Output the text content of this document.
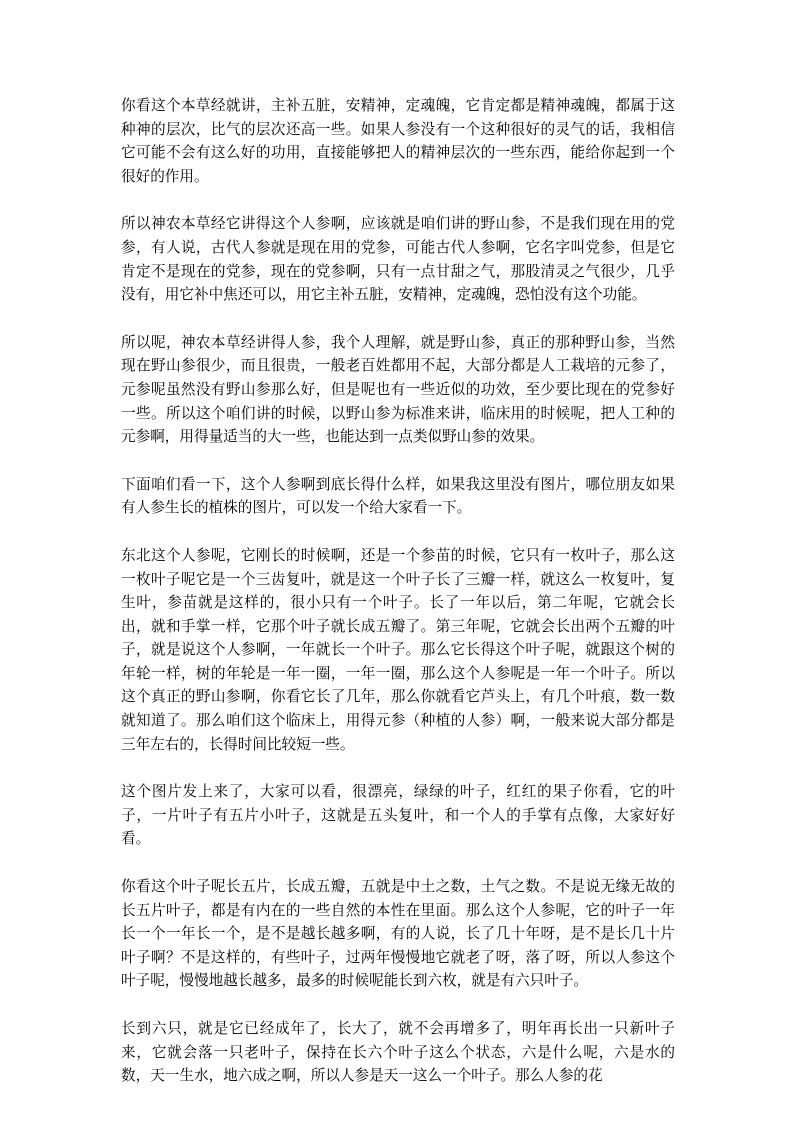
你看这个本草经就讲，主补五脏，安精神，定魂魄，它肯定都是精神魂魄，都属于这种神的层次，比气的层次还高一些。如果人参没有一个这种很好的灵气的话，我相信它可能不会有这么好的功用，直接能够把人的精神层次的一些东西，能给你起到一个很好的作用。

所以神农本草经它讲得这个人参啊，应该就是咱们讲的野山参，不是我们现在用的党参，有人说，古代人参就是现在用的党参，可能古代人参啊，它名字叫党参，但是它肯定不是现在的党参，现在的党参啊，只有一点甘甜之气，那股清灵之气很少，几乎没有，用它补中焦还可以，用它主补五脏，安精神，定魂魄，恐怕没有这个功能。

所以呢，神农本草经讲得人参，我个人理解，就是野山参，真正的那种野山参，当然现在野山参很少，而且很贵，一般老百姓都用不起，大部分都是人工栽培的元参了，元参呢虽然没有野山参那么好，但是呢也有一些近似的功效，至少要比现在的党参好一些。所以这个咱们讲的时候，以野山参为标准来讲，临床用的时候呢，把人工种的元参啊，用得量适当的大一些，也能达到一点类似野山参的效果。

下面咱们看一下，这个人参啊到底长得什么样，如果我这里没有图片，哪位朋友如果有人参生长的植株的图片，可以发一个给大家看一下。

东北这个人参呢，它刚长的时候啊，还是一个参苗的时候，它只有一枚叶子，那么这一枚叶子呢它是一个三齿复叶，就是这一个叶子长了三瓣一样，就这么一枚复叶，复生叶，参苗就是这样的，很小只有一个叶子。长了一年以后，第二年呢，它就会长出，就和手掌一样，它那个叶子就长成五瓣了。第三年呢，它就会长出两个五瓣的叶子，就是说这个人参啊，一年就长一个叶子。那么它长得这个叶子呢，就跟这个树的年轮一样，树的年轮是一年一圈，一年一圈，那么这个人参呢是一年一个叶子。所以这个真正的野山参啊，你看它长了几年，那么你就看它芦头上，有几个叶痕，数一数就知道了。那么咱们这个临床上，用得元参（种植的人参）啊，一般来说大部分都是三年左右的，长得时间比较短一些。

这个图片发上来了，大家可以看，很漂亮，绿绿的叶子，红红的果子你看，它的叶子，一片叶子有五片小叶子，这就是五头复叶，和一个人的手掌有点像，大家好好看。

你看这个叶子呢长五片，长成五瓣，五就是中土之数，土气之数。不是说无缘无故的长五片叶子，都是有内在的一些自然的本性在里面。那么这个人参呢，它的叶子一年长一个一年长一个，是不是越长越多啊，有的人说，长了几十年呀，是不是长几十片叶子啊？不是这样的，有些叶子，过两年慢慢地它就老了呀，落了呀，所以人参这个叶子呢，慢慢地越长越多，最多的时候呢能长到六枚，就是有六只叶子。

长到六只，就是它已经成年了，长大了，就不会再增多了，明年再长出一只新叶子来，它就会落一只老叶子，保持在长六个叶子这么个状态，六是什么呢，六是水的数，天一生水，地六成之啊，所以人参是天一这么一个叶子。那么人参的花
